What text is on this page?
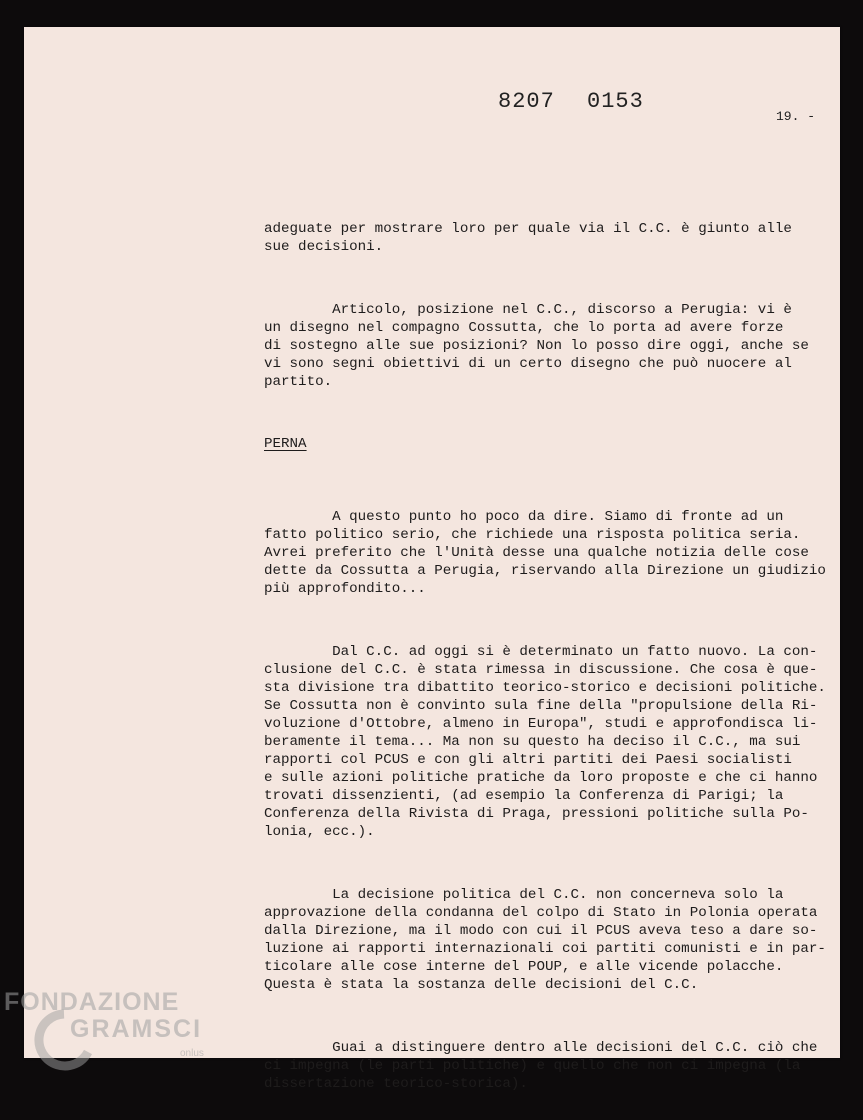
8207 0153
19. -

adeguate per mostrare loro per quale via il C.C. è giunto alle
sue decisioni.

Articolo, posizione nel C.C., discorso a Perugia: vi
un disegno nel compagno Cossutta, che lo porta ad avere forze
di sostegno alle sue posizioni? Non lo posso dire oggi, anche
vi sono segni obiettivi di un certo disegno che può nuocere al
partito.

PERNA

A questo punto ho poco da dire. Siamo di fronte ad un
fatto politico serio, che richiede una risposta politica seria.
Avrei preferito che l'Unità desse una qualche notizia delle
dette da Cossutta a Perugia, riservando alla Direzione un
più approfondito...

Dal C.C. ad oggi si è determinato un fatto nuovo. La
clusione del C.C. è stata rimessa in discussione. Che cosa è
sta divisione tra dibattito teorico-storico e decisioni politiche.
Se Cossutta non è convinto sula fine della "propulsione della
voluzione d'Ottobre, almeno in Europa", studi e approfondisca
beramente il tema... Ma non su questo ha deciso il C.C., ma
rapporti col PCUS e con gli altri partiti dei Paesi socialisti
e sulle azioni politiche pratiche da loro proposte e che ci
trovati dissenzienti, (ad esempio la Conferenza di Parigi; la
Conferenza della Rivista di Praga, pressioni politiche sulla
lonia, ecc.).

La decisione politica del C.C. non concerneva solo la
approvazione della condanna del colpo di Stato in Polonia
dalla Direzione, ma il modo con cui il PCUS aveva teso a dare
luzione ai rapporti internazionali coi partiti comunisti e in
ticolare alle cose interne del POUP, e alle vicende polacche.
Questa è stata la sostanza delle decisioni del C.C.

Guai a distinguere dentro alle decisioni del C.C. ciò
ci impegna (le parti politiche) e quello che non ci impegna (la
dissertazione teorico-storica).

FONDAZIONE
GRAMSCI
onlus
